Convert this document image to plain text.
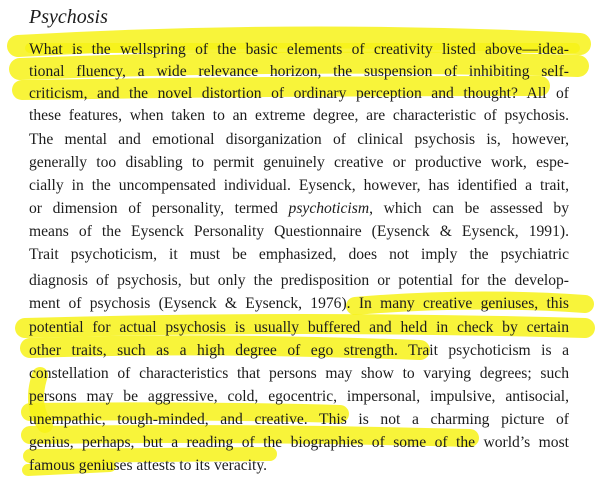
Psychosis
What is the wellspring of the basic elements of creativity listed above—idea-
tional fluency, a wide relevance horizon, the suspension of inhibiting self-
criticism, and the novel distortion of ordinary perception and thought? All of
these features, when taken to an extreme degree, are characteristic of psychosis.
The mental and emotional disorganization of clinical psychosis is, however,
generally too disabling to permit genuinely creative or productive work, espe-
cially in the uncompensated individual. Eysenck, however, has identified a trait,
or dimension of personality, termed psychoticism, which can be assessed by
means of the Eysenck Personality Questionnaire (Eysenck & Eysenck, 1991).
Trait psychoticism, it must be emphasized, does not imply the psychiatric
diagnosis of psychosis, but only the predisposition or potential for the develop-
ment of psychosis (Eysenck & Eysenck, 1976). In many creative geniuses, this
potential for actual psychosis is usually buffered and held in check by certain
other traits, such as a high degree of ego strength. Trait psychoticism is a
constellation of characteristics that persons may show to varying degrees; such
persons may be aggressive, cold, egocentric, impersonal, impulsive, antisocial,
unempathic, tough-minded, and creative. This is not a charming picture of
genius, perhaps, but a reading of the biographies of some of the world’s most
famous geniuses attests to its veracity.
